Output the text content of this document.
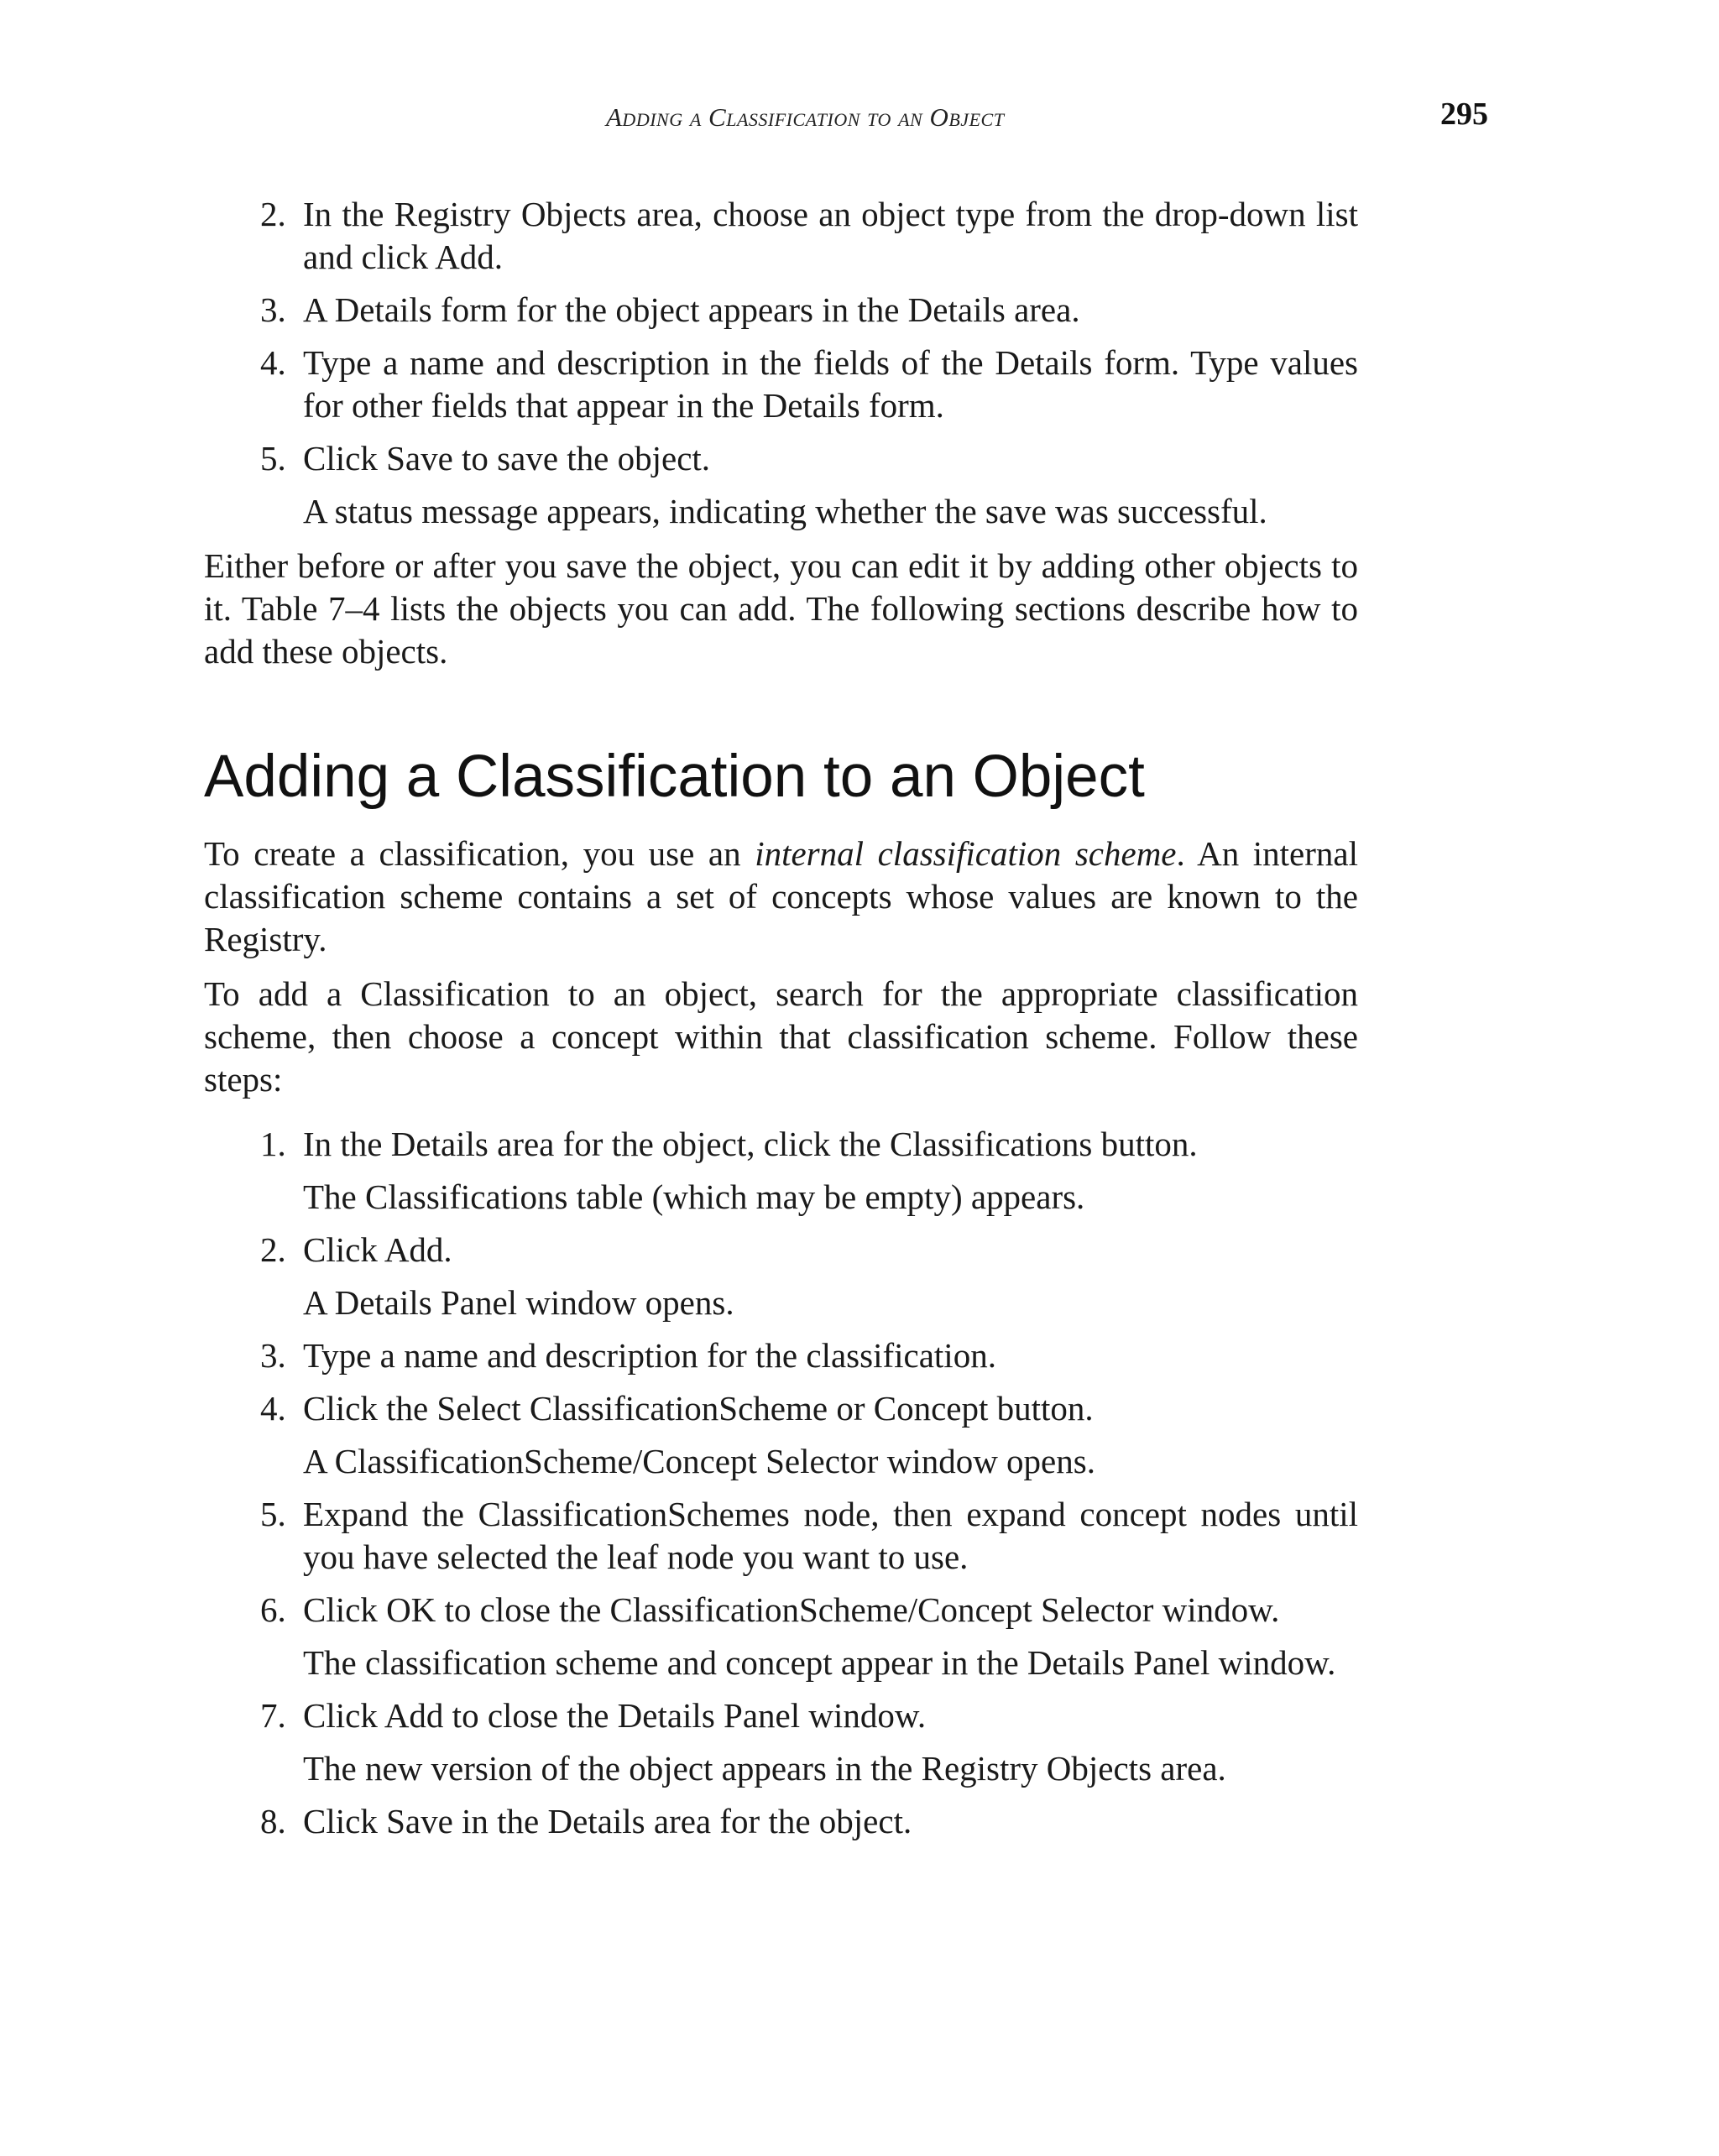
Adding a Classification to an Object	295
2. In the Registry Objects area, choose an object type from the drop-down list and click Add.
3. A Details form for the object appears in the Details area.
4. Type a name and description in the fields of the Details form. Type values for other fields that appear in the Details form.
5. Click Save to save the object.
A status message appears, indicating whether the save was successful.

Either before or after you save the object, you can edit it by adding other objects to it. Table 7–4 lists the objects you can add. The following sections describe how to add these objects.

Adding a Classification to an Object

To create a classification, you use an internal classification scheme. An internal classification scheme contains a set of concepts whose values are known to the Registry.

To add a Classification to an object, search for the appropriate classification scheme, then choose a concept within that classification scheme. Follow these steps:

1. In the Details area for the object, click the Classifications button.
The Classifications table (which may be empty) appears.
2. Click Add.
A Details Panel window opens.
3. Type a name and description for the classification.
4. Click the Select ClassificationScheme or Concept button.
A ClassificationScheme/Concept Selector window opens.
5. Expand the ClassificationSchemes node, then expand concept nodes until you have selected the leaf node you want to use.
6. Click OK to close the ClassificationScheme/Concept Selector window.
The classification scheme and concept appear in the Details Panel window.
7. Click Add to close the Details Panel window.
The new version of the object appears in the Registry Objects area.
8. Click Save in the Details area for the object.
